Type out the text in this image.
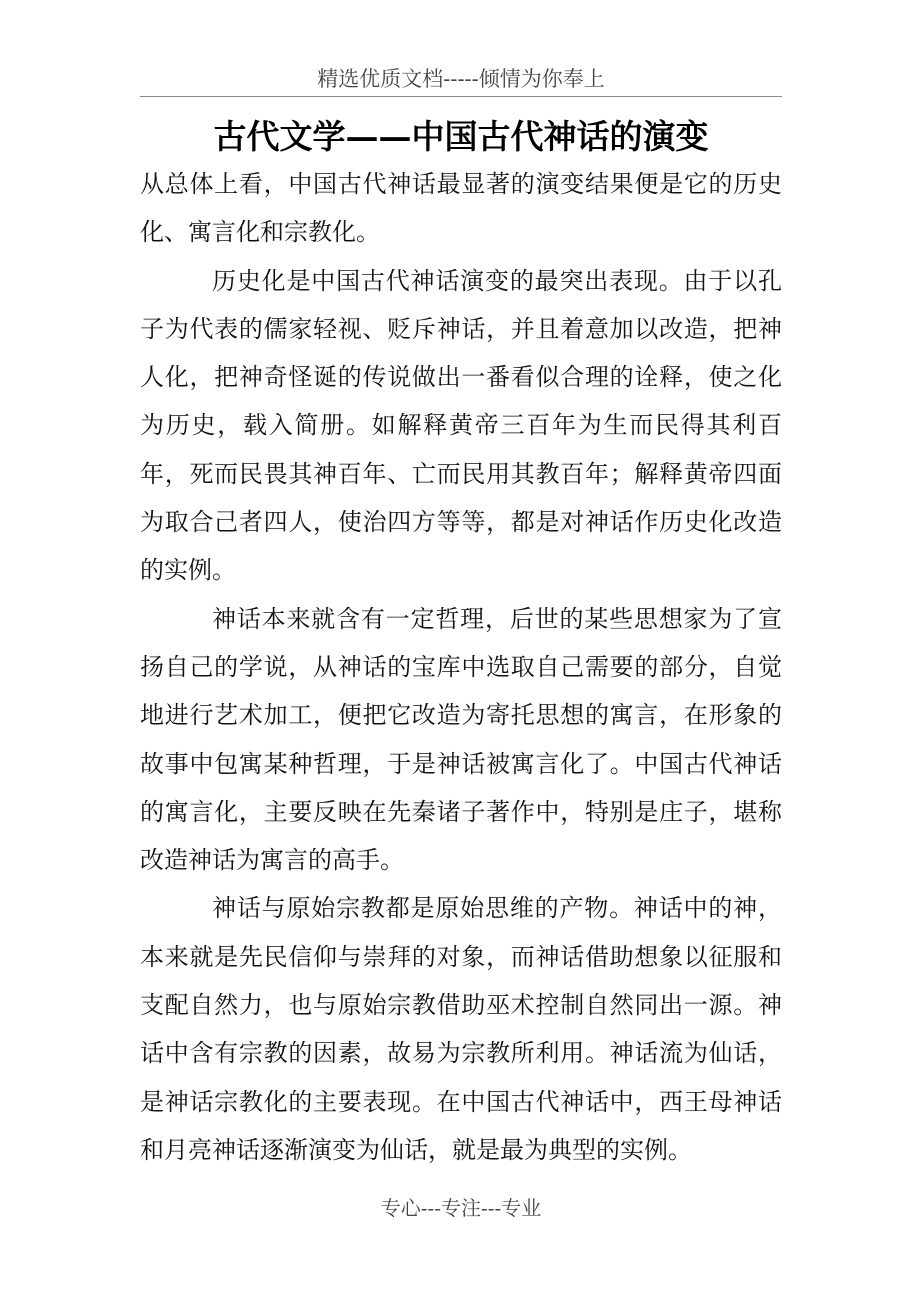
精选优质文档-----倾情为你奉上
古代文学——中国古代神话的演变

从总体上看，中国古代神话最显著的演变结果便是它的历史化、寓言化和宗教化。

历史化是中国古代神话演变的最突出表现。由于以孔子为代表的儒家轻视、贬斥神话，并且着意加以改造，把神人化，把神奇怪诞的传说做出一番看似合理的诠释，使之化为历史，载入简册。如解释黄帝三百年为生而民得其利百年，死而民畏其神百年、亡而民用其教百年；解释黄帝四面为取合己者四人，使治四方等等，都是对神话作历史化改造的实例。

神话本来就含有一定哲理，后世的某些思想家为了宣扬自己的学说，从神话的宝库中选取自己需要的部分，自觉地进行艺术加工，便把它改造为寄托思想的寓言，在形象的故事中包寓某种哲理，于是神话被寓言化了。中国古代神话的寓言化，主要反映在先秦诸子著作中，特别是庄子，堪称改造神话为寓言的高手。

神话与原始宗教都是原始思维的产物。神话中的神，本来就是先民信仰与崇拜的对象，而神话借助想象以征服和支配自然力，也与原始宗教借助巫术控制自然同出一源。神话中含有宗教的因素，故易为宗教所利用。神话流为仙话，是神话宗教化的主要表现。在中国古代神话中，西王母神话和月亮神话逐渐演变为仙话，就是最为典型的实例。

专心---专注---专业
